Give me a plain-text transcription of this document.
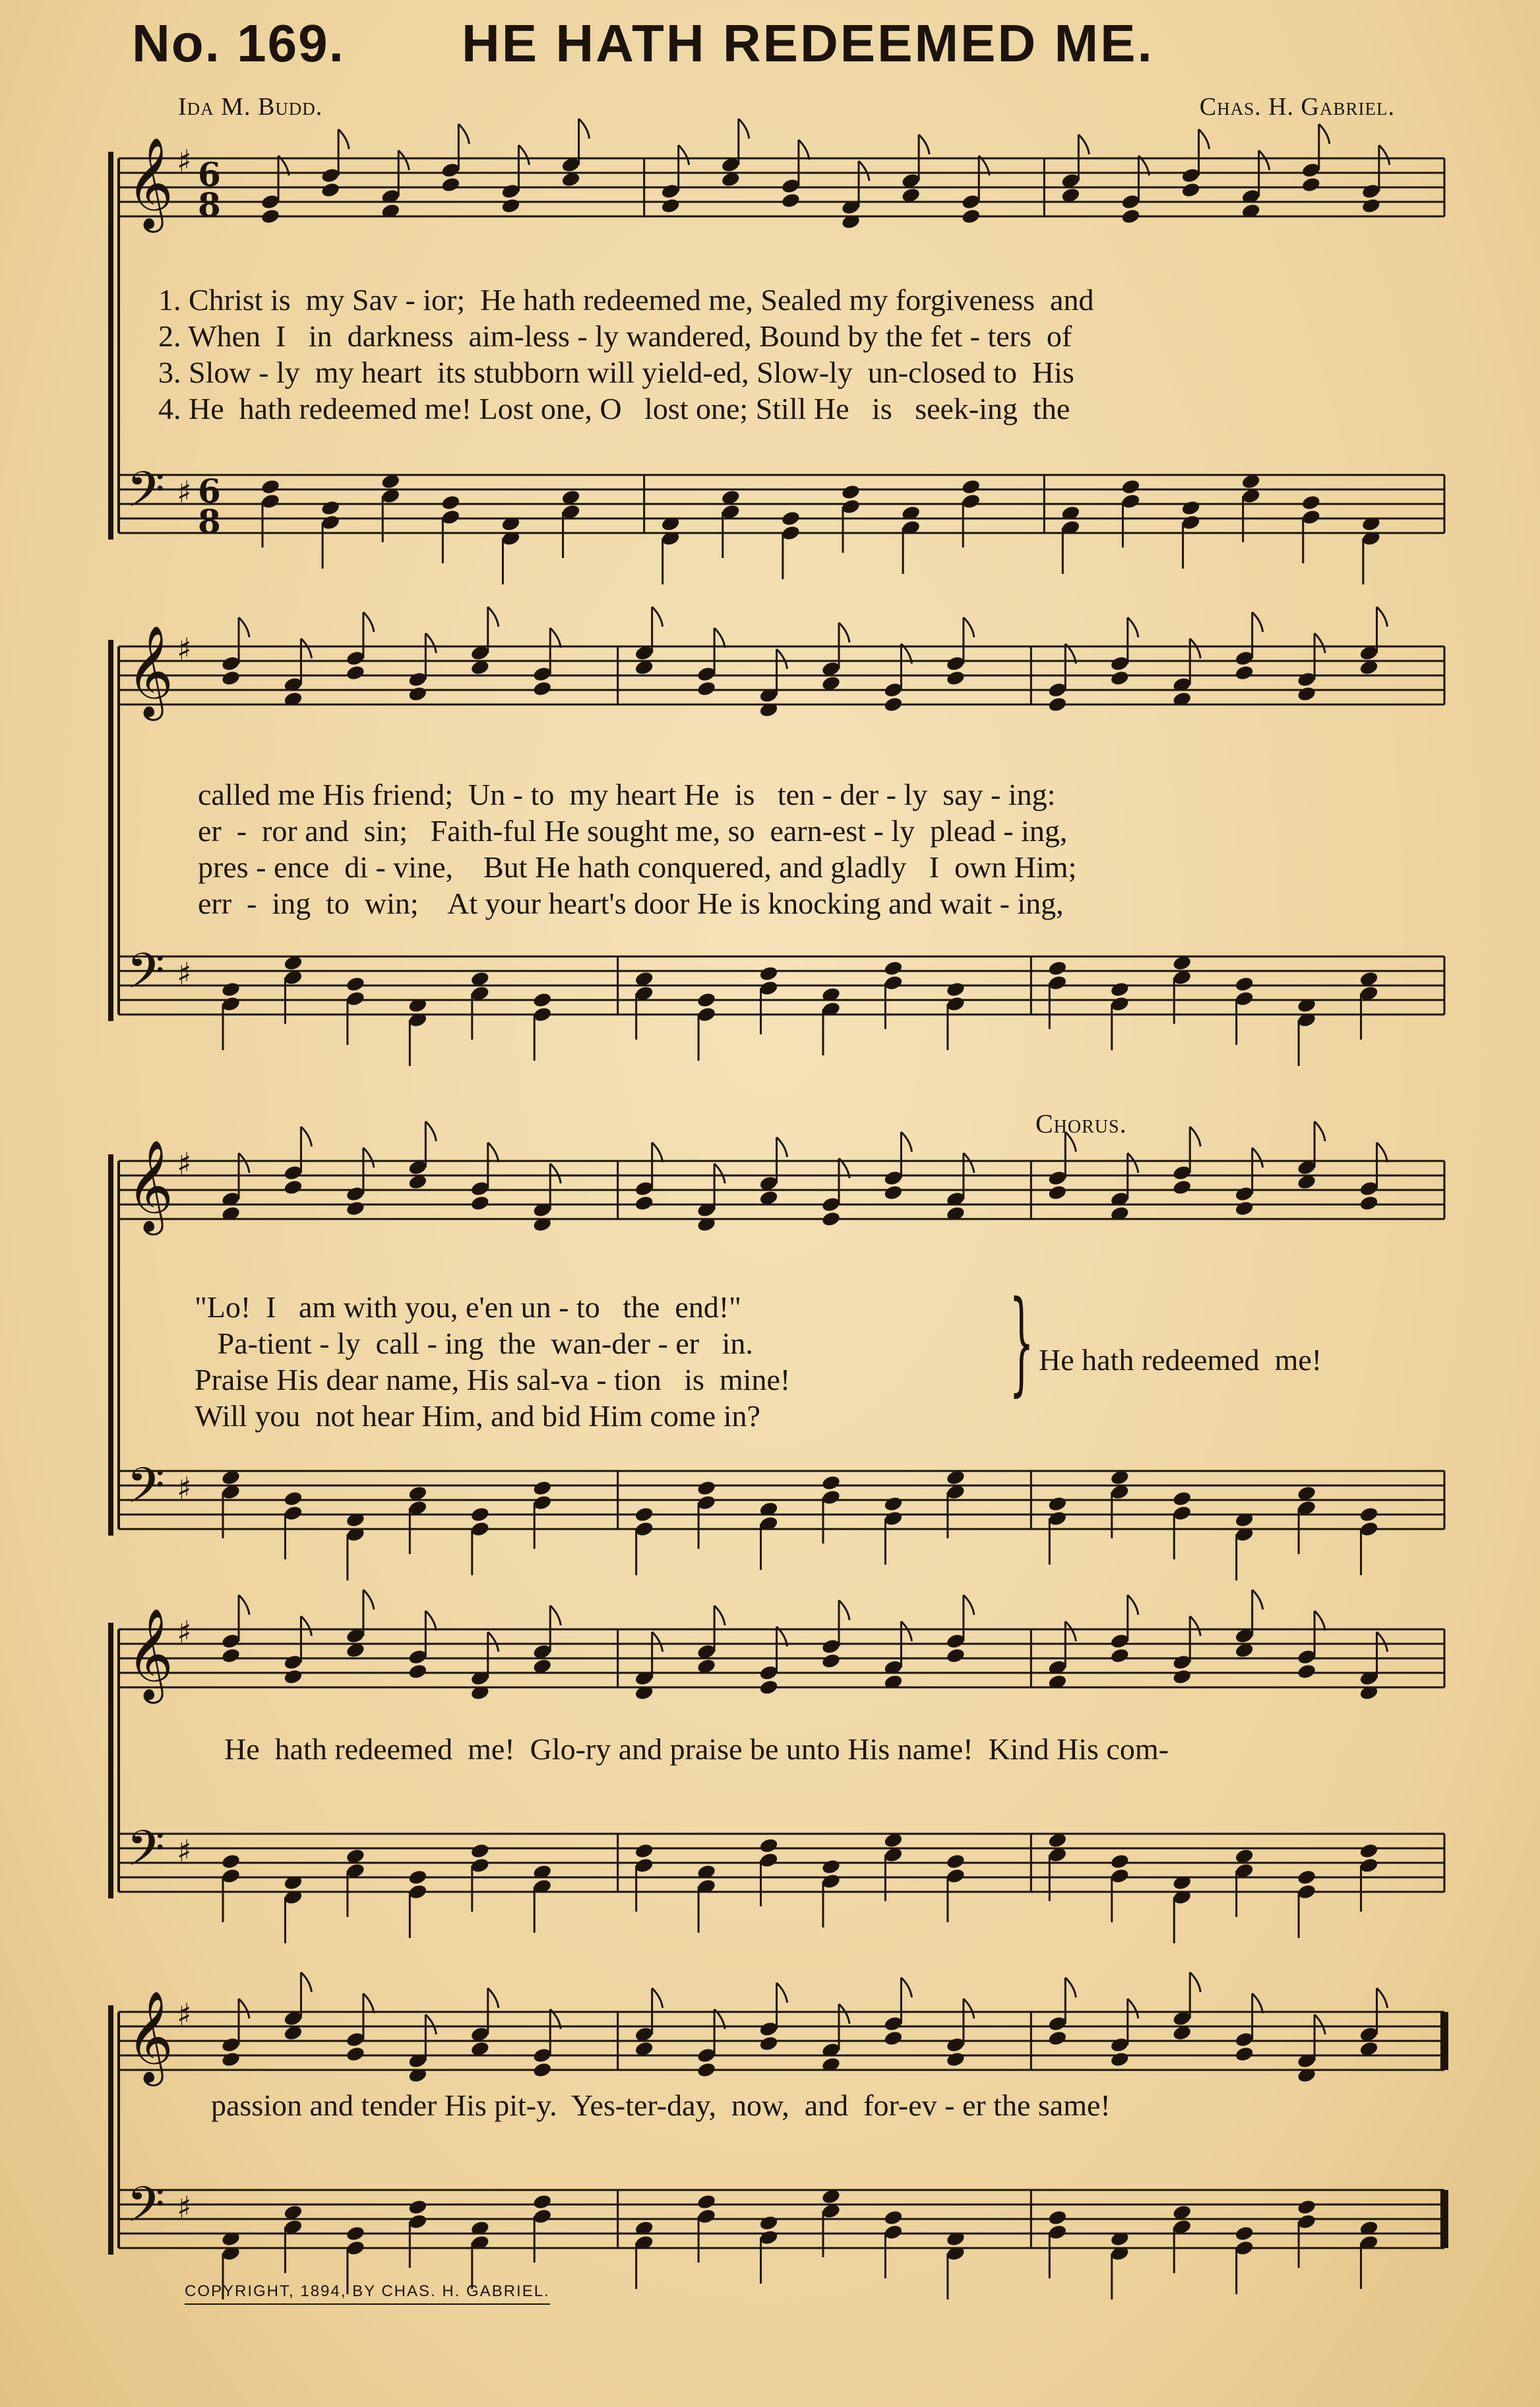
No. 169. HE HATH REDEEMED ME.
Ida M. Budd.	Chas. H. Gabriel.
𝄞
𝄢
♯
♯
6
8
6
8
1. Christ is  my Sav - ior;  He hath redeemed me, Sealed my forgiveness  and
2. When  I   in  darkness  aim-less - ly wandered, Bound by the fet - ters  of
3. Slow - ly  my heart  its stubborn will yield-ed, Slow-ly  un-closed to  His
4. He  hath redeemed me! Lost one, O   lost one; Still He   is   seek-ing  the
𝄞
𝄢
♯
♯
called me His friend;  Un - to  my heart He  is   ten - der - ly  say - ing:
er  -  ror and  sin;   Faith-ful He sought me, so  earn-est - ly  plead - ing,
pres - ence  di - vine,    But He hath conquered, and gladly   I  own Him;
err  -  ing  to  win;    At your heart's door He is knocking and wait - ing,
Chorus.
𝄞
𝄢
♯
♯
"Lo!  I   am with you, e'en un - to   the  end!"
Pa-tient - ly  call - ing  the  wan-der - er   in.
Praise His dear name, His sal-va - tion   is  mine!
Will you  not hear Him, and bid Him come in?
} He hath redeemed  me!
𝄞
𝄢
♯
♯
He  hath redeemed  me!  Glo-ry and praise be unto His name!  Kind His com-
𝄞
𝄢
♯
♯
passion and tender His pit-y.  Yes-ter-day,  now,  and  for-ev - er the same!
COPYRIGHT, 1894, BY CHAS. H. GABRIEL.
